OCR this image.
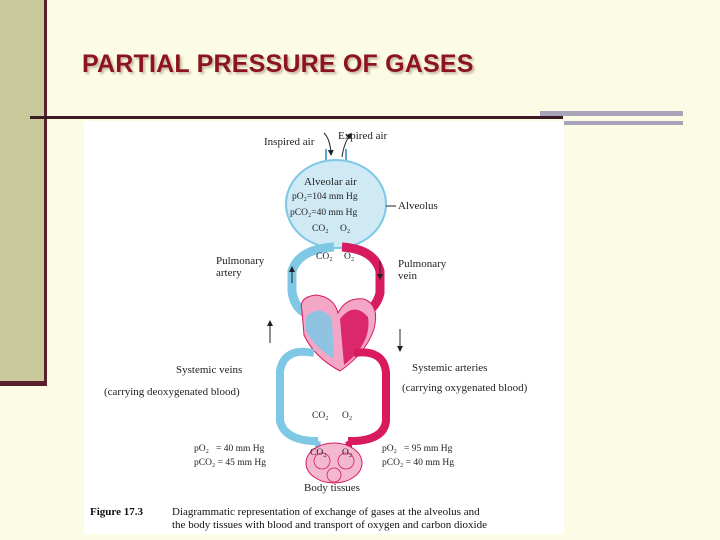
PARTIAL PRESSURE OF GASES
Inspired air Expired air
Alveolar air
pO₂=104 mm Hg
pCO₂=40 mm Hg
Alveolus
CO₂ O₂
CO₂ O₂
Pulmonary
artery
Pulmonary
vein
Systemic veins
(carrying deoxygenated blood)
Systemic arteries
(carrying oxygenated blood)
CO₂ O₂
CO₂ O₂
pO₂   = 40 mm Hg
pCO₂ = 45 mm Hg
pO₂   = 95 mm Hg
pCO₂ = 40 mm Hg
Body tissues
Figure 17.3	Diagrammatic representation of exchange of gases at the alveolus and
the body tissues with blood and transport of oxygen and carbon dioxide
